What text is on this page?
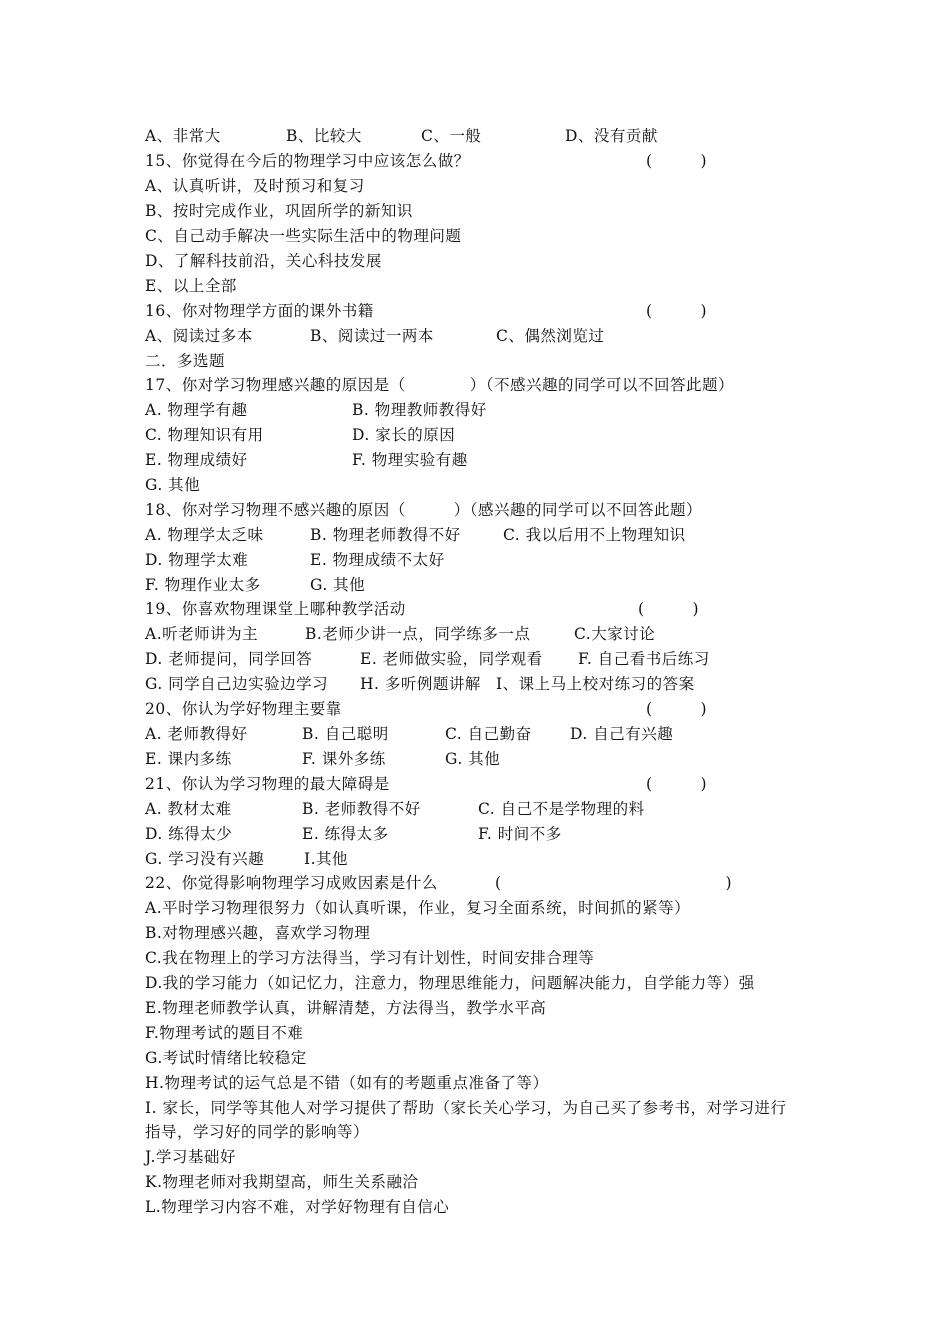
A、非常大

	B、比较大

	C、一般

	D、没有贡献

15、你觉得在今后的物理学习中应该怎么做？

	(　　　)

A、认真听讲，及时预习和复习
B、按时完成作业，巩固所学的新知识
C、自己动手解决一些实际生活中的物理问题
D、了解科技前沿，关心科技发展
E、以上全部

16、你对物理学方面的课外书籍

	(　　　)

A、阅读过多本

	B、阅读过一两本

	C、偶然浏览过

二．多选题
17、你对学习物理感兴趣的原因是（　　　　）（不感兴趣的同学可以不回答此题）

A. 物理学有趣

	B. 物理教师教得好

C. 物理知识有用

	D. 家长的原因

E. 物理成绩好

	F. 物理实验有趣

G. 其他
18、你对学习物理不感兴趣的原因（　　　）（感兴趣的同学可以不回答此题）

A. 物理学太乏味

	B. 物理老师教得不好

	C. 我以后用不上物理知识

D. 物理学太难

	E. 物理成绩不太好

F. 物理作业太多

	G. 其他

19、你喜欢物理课堂上哪种教学活动

	(　　　)

A.听老师讲为主

	B.老师少讲一点，同学练多一点

	C.大家讨论

D. 老师提问，同学回答

	E. 老师做实验，同学观看

F. 自己看书后练习

G. 同学自己边实验边学习

H. 多听例题讲解

I、课上马上校对练习的答案

20、你认为学好物理主要靠

	(　　　)

A. 老师教得好

	B. 自己聪明

	C. 自己勤奋

D. 自己有兴趣

E. 课内多练

	F. 课外多练

	G. 其他

21、你认为学习物理的最大障碍是

	(　　　)

A. 教材太难

	B. 老师教得不好

	C. 自己不是学物理的料

D. 练得太少

	E. 练得太多

	F. 时间不多

G. 学习没有兴趣

	I.其他

22、你觉得影响物理学习成败因素是什么

	(　　　　　　　　　　　　　　)

A.平时学习物理很努力（如认真听课，作业，复习全面系统，时间抓的紧等）
B.对物理感兴趣，喜欢学习物理
C.我在物理上的学习方法得当，学习有计划性，时间安排合理等
D.我的学习能力（如记忆力，注意力，物理思维能力，问题解决能力，自学能力等）强
E.物理老师教学认真，讲解清楚，方法得当，教学水平高
F.物理考试的题目不难
G.考试时情绪比较稳定
H.物理考试的运气总是不错（如有的考题重点准备了等）
I. 家长，同学等其他人对学习提供了帮助（家长关心学习，为自己买了参考书，对学习进行
指导，学习好的同学的影响等）
J.学习基础好
K.物理老师对我期望高，师生关系融洽
L.物理学习内容不难，对学好物理有自信心
